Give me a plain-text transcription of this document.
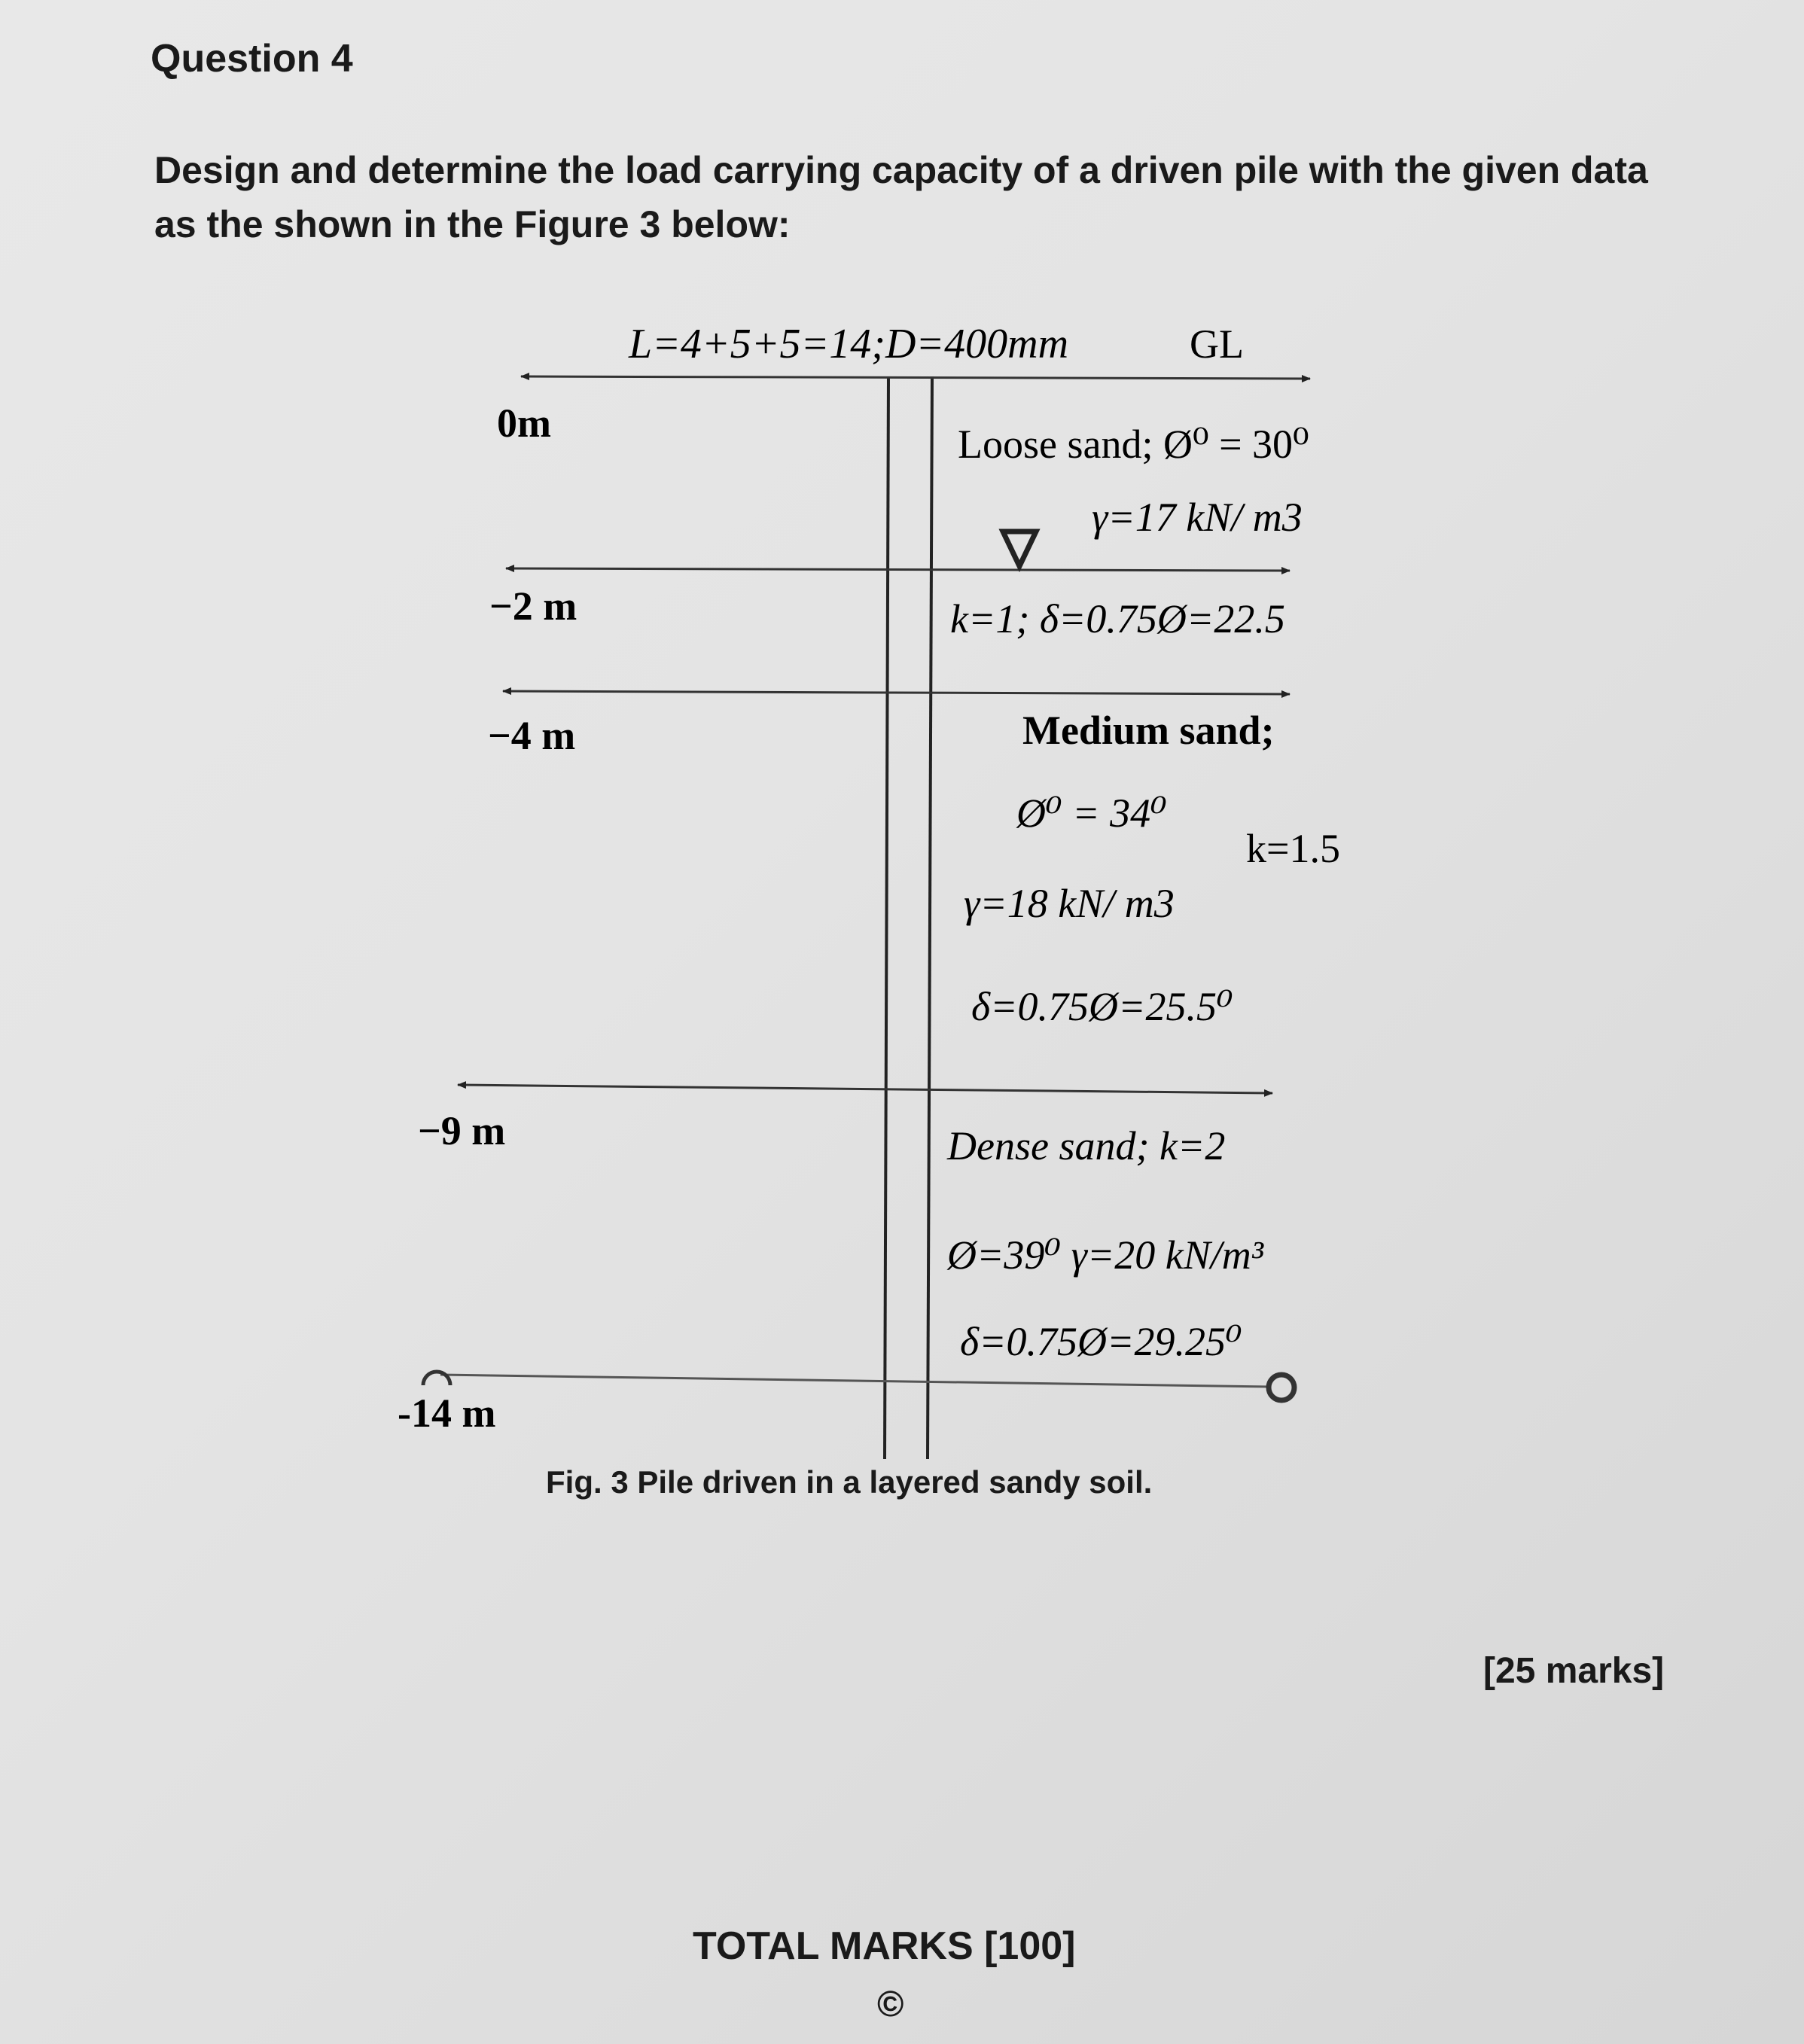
Question 4
Design and determine the load carrying capacity of a driven pile with the given data as the shown in the Figure 3 below:
L=4+5+5=14;D=400mm	GL
0m
−2 m
−4 m
−9 m
-14 m
Loose sand; Ø⁰ = 30⁰
γ=17 kN/ m3
k=1; δ=0.75Ø=22.5
Medium sand;
Ø⁰ = 34⁰
k=1.5
γ=18 kN/ m3
δ=0.75Ø=25.5⁰
Dense sand; k=2
Ø=39⁰ γ=20 kN/m³
δ=0.75Ø=29.25⁰
Fig. 3 Pile driven in a layered sandy soil.
[25 marks]
TOTAL MARKS [100]
©
